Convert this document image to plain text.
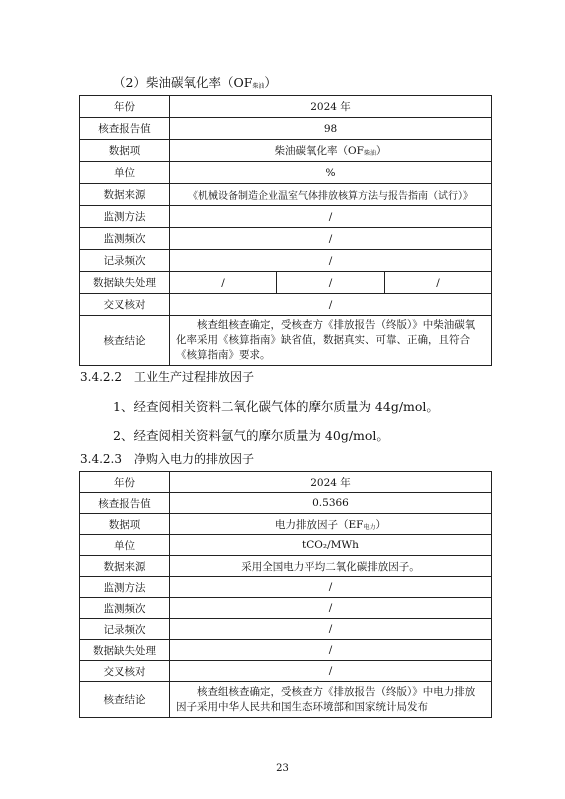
（2）柴油碳氧化率（OF柴油）
年份	2024 年		
核查报告值	98		
数据项	柴油碳氧化率（OF柴油）		
单位	%		
数据来源	《机械设备制造企业温室气体排放核算方法与报告指南（试行）》		
监测方法	/		
监测频次	/		
记录频次	/		
数据缺失处理	/	/	/
交叉核对	/		
核查结论	核查组核查确定，受核查方《排放报告（终版）》中柴油碳氧化率采用《核算指南》缺省值，数据真实、可靠、正确，且符合《核算指南》要求。		
3.4.2.2　工业生产过程排放因子
1、经查阅相关资料二氧化碳气体的摩尔质量为 44g/mol。
2、经查阅相关资料氩气的摩尔质量为 40g/mol。
3.4.2.3　净购入电力的排放因子
年份	2024 年
核查报告值	0.5366
数据项	电力排放因子（EF电力）
单位	tCO₂/MWh
数据来源	采用全国电力平均二氧化碳排放因子。
监测方法	/
监测频次	/
记录频次	/
数据缺失处理	/
交叉核对	/
核查结论	核查组核查确定，受核查方《排放报告（终版）》中电力排放因子采用中华人民共和国生态环境部和国家统计局发布
23
